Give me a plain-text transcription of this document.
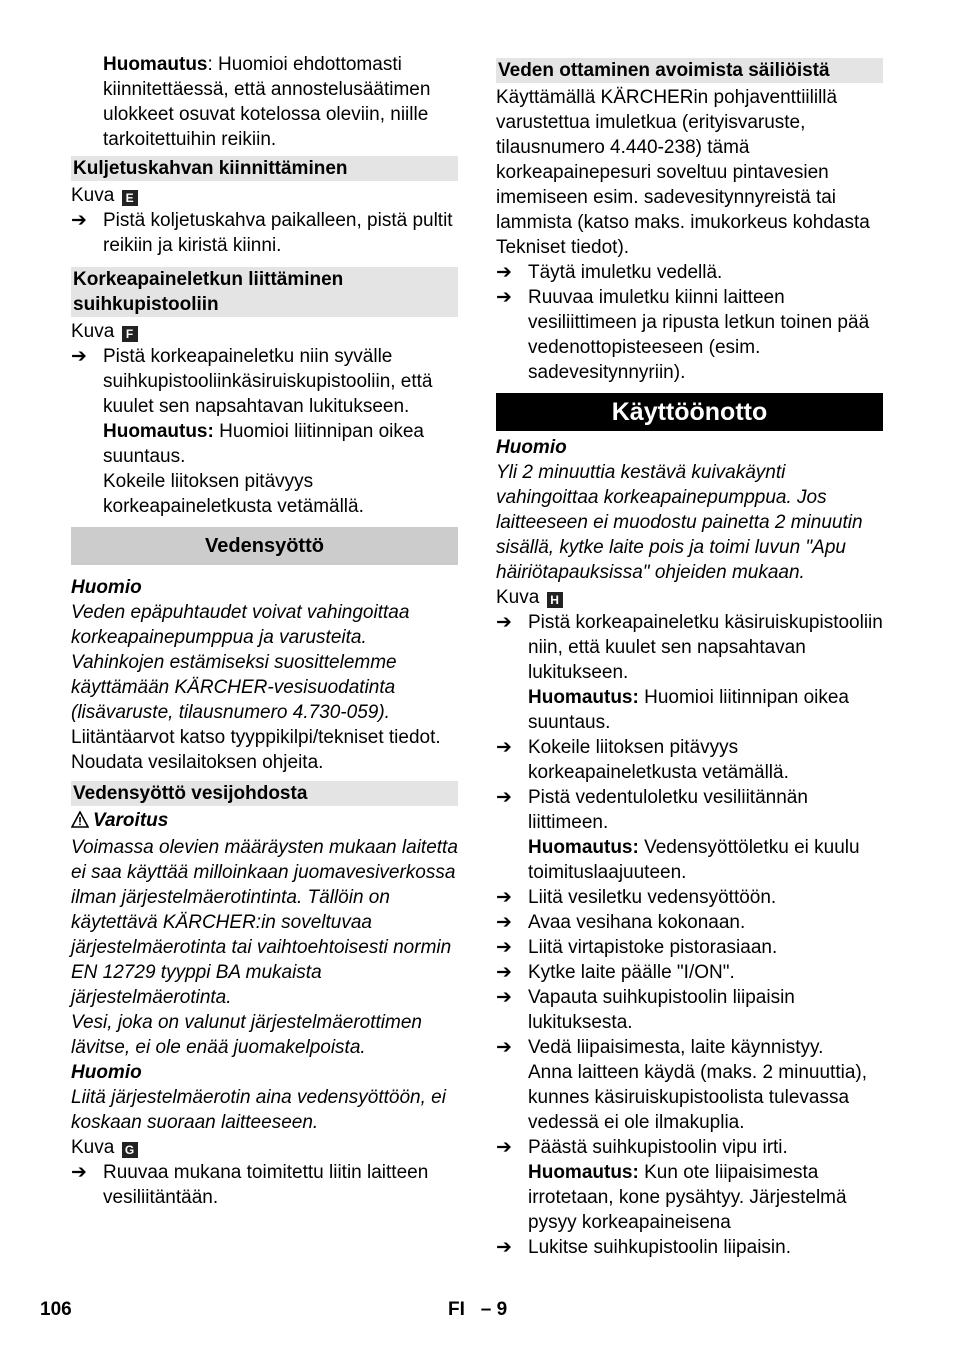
Huomautus: Huomioi ehdottomasti kiinnitettäessä, että annostelusäätimen ulokkeet osuvat kotelossa oleviin, niille tarkoitettuihin reikiin.

Kuljetuskahvan kiinnittäminen

Kuva E

➔ Pistä koljetuskahva paikalleen, pistä pultit reikiin ja kiristä kiinni.
Korkeapaineletkun liittäminen suihkupistooliin

Kuva F

➔ Pistä korkeapaineletku niin syvälle suihkupistooliinkäsiruiskupistooliin, että kuulet sen napsahtavan lukitukseen.

Huomautus: Huomioi liitinnipan oikea suuntaus.

Kokeile liitoksen pitävyys korkeapaineletkusta vetämällä.

Vedensyöttö

Huomio

Veden epäpuhtaudet voivat vahingoittaa korkeapainepumppua ja varusteita. Vahinkojen estämiseksi suosittelemme käyttämään KÄRCHER-vesisuodatinta (lisävaruste, tilausnumero 4.730-059).

Liitäntäarvot katso tyyppikilpi/tekniset tiedot.

Noudata vesilaitoksen ohjeita.

Vedensyöttö vesijohdosta

Varoitus

Voimassa olevien määräysten mukaan laitetta ei saa käyttää milloinkaan juomavesiverkossa ilman järjestelmäerotintinta. Tällöin on käytettävä KÄRCHER:in soveltuvaa järjestelmäerotinta tai vaihtoehtoisesti normin EN 12729 tyyppi BA mukaista järjestelmäerotinta.

Vesi, joka on valunut järjestelmäerottimen lävitse, ei ole enää juomakelpoista.

Huomio

Liitä järjestelmäerotin aina vedensyöttöön, ei koskaan suoraan laitteeseen.

Kuva G

➔ Ruuvaa mukana toimitettu liitin laitteen vesiliitäntään.
Veden ottaminen avoimista säiliöistä

Käyttämällä KÄRCHERin pohjaventtiilillä varustettua imuletkua (erityisvaruste, tilausnumero 4.440-238) tämä korkeapainepesuri soveltuu pintavesien imemiseen esim. sadevesitynnyreistä tai lammista (katso maks. imukorkeus kohdasta Tekniset tiedot).

➔ Täytä imuletku vedellä.
➔ Ruuvaa imuletku kiinni laitteen vesiliittimeen ja ripusta letkun toinen pää vedenottopisteeseen (esim. sadevesitynnyriin).
Käyttöönotto

Huomio

Yli 2 minuuttia kestävä kuivakäynti vahingoittaa korkeapainepumppua. Jos laitteeseen ei muodostu painetta 2 minuutin sisällä, kytke laite pois ja toimi luvun "Apu häiriötapauksissa" ohjeiden mukaan.

Kuva H

➔ Pistä korkeapaineletku käsiruiskupistooliin niin, että kuulet sen napsahtavan lukitukseen.

Huomautus: Huomioi liitinnipan oikea suuntaus.

➔ Kokeile liitoksen pitävyys korkeapaineletkusta vetämällä.
➔ Pistä vedentuloletku vesiliitännän liittimeen.

Huomautus: Vedensyöttöletku ei kuulu toimituslaajuuteen.

➔ Liitä vesiletku vedensyöttöön.
➔ Avaa vesihana kokonaan.
➔ Liitä virtapistoke pistorasiaan.
➔ Kytke laite päälle "I/ON".
➔ Vapauta suihkupistoolin liipaisin lukituksesta.
➔ Vedä liipaisimesta, laite käynnistyy.

Anna laitteen käydä (maks. 2 minuuttia), kunnes käsiruiskupistoolista tulevassa vedessä ei ole ilmakuplia.

➔ Päästä suihkupistoolin vipu irti.

Huomautus: Kun ote liipaisimesta irrotetaan, kone pysähtyy. Järjestelmä pysyy korkeapaineisena

➔ Lukitse suihkupistoolin liipaisin.
106	FI – 9
